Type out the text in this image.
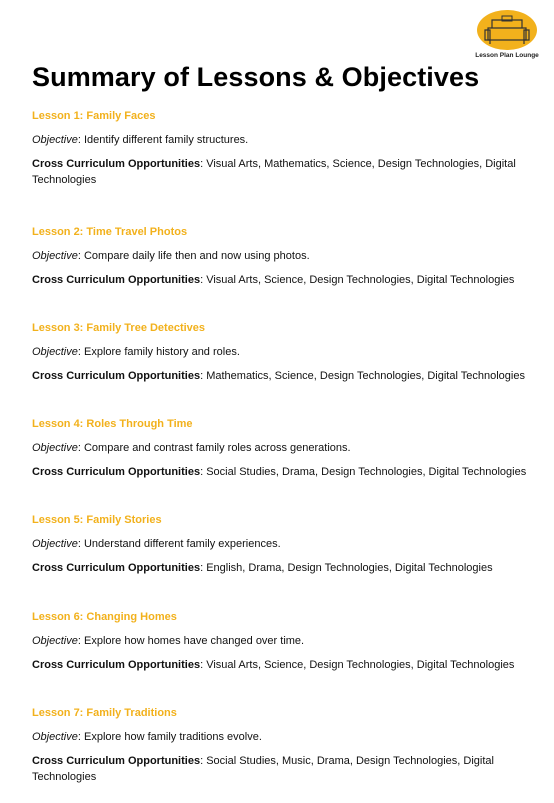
Lesson Plan Lounge
Summary of Lessons & Objectives
Lesson 1: Family Faces
Objective: Identify different family structures.
Cross Curriculum Opportunities: Visual Arts, Mathematics, Science, Design Technologies, Digital Technologies
Lesson 2: Time Travel Photos
Objective: Compare daily life then and now using photos.
Cross Curriculum Opportunities: Visual Arts, Science, Design Technologies, Digital Technologies
Lesson 3: Family Tree Detectives
Objective: Explore family history and roles.
Cross Curriculum Opportunities: Mathematics, Science, Design Technologies, Digital Technologies
Lesson 4: Roles Through Time
Objective: Compare and contrast family roles across generations.
Cross Curriculum Opportunities: Social Studies, Drama, Design Technologies, Digital Technologies
Lesson 5: Family Stories
Objective: Understand different family experiences.
Cross Curriculum Opportunities: English, Drama, Design Technologies, Digital Technologies
Lesson 6: Changing Homes
Objective: Explore how homes have changed over time.
Cross Curriculum Opportunities: Visual Arts, Science, Design Technologies, Digital Technologies
Lesson 7: Family Traditions
Objective: Explore how family traditions evolve.
Cross Curriculum Opportunities: Social Studies, Music, Drama, Design Technologies, Digital Technologies
